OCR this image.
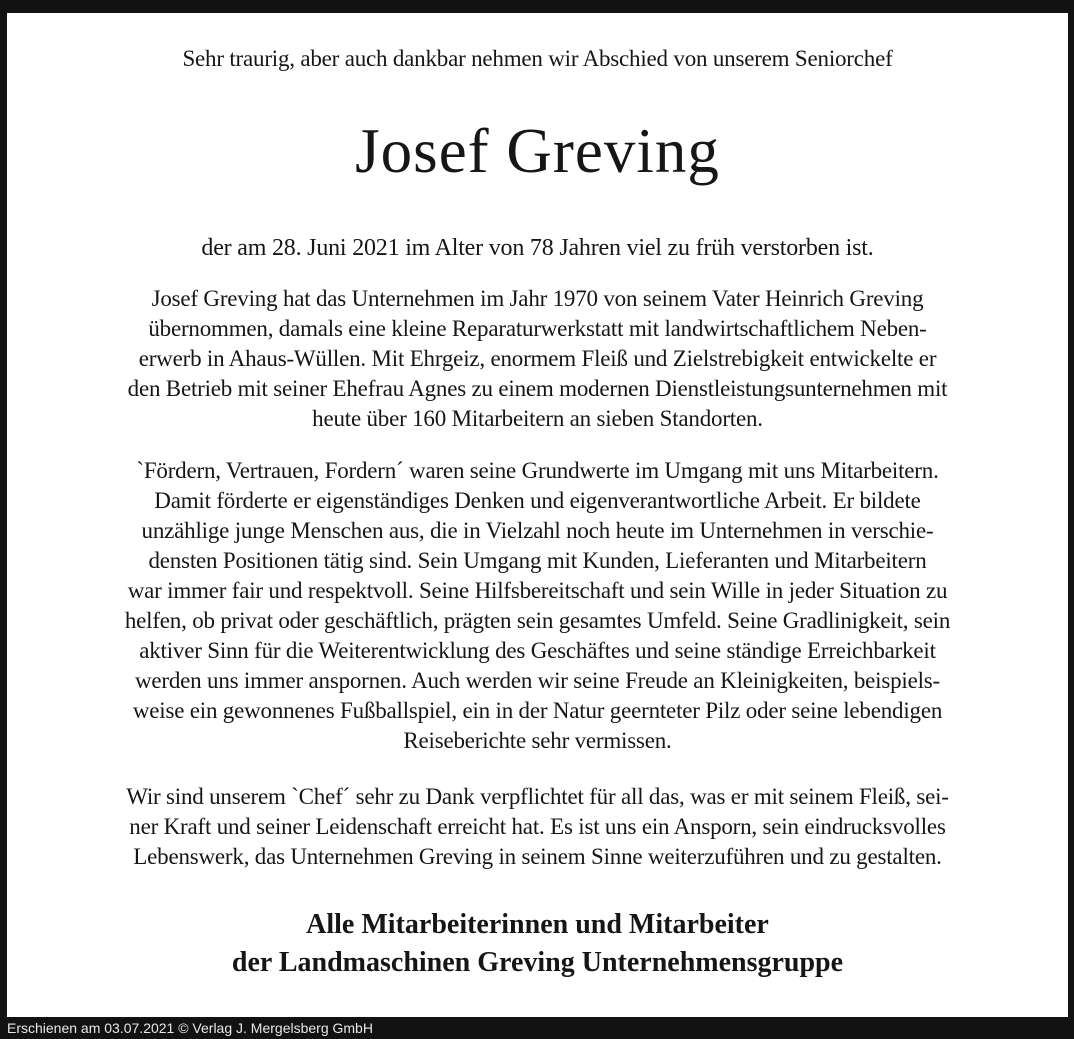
Sehr traurig, aber auch dankbar nehmen wir Abschied von unserem Seniorchef

Josef Greving

der am 28. Juni 2021 im Alter von 78 Jahren viel zu früh verstorben ist.

Josef Greving hat das Unternehmen im Jahr 1970 von seinem Vater Heinrich Greving
übernommen, damals eine kleine Reparaturwerkstatt mit landwirtschaftlichem Neben-
erwerb in Ahaus-Wüllen. Mit Ehrgeiz, enormem Fleiß und Zielstrebigkeit entwickelte er
den Betrieb mit seiner Ehefrau Agnes zu einem modernen Dienstleistungsunternehmen mit
heute über 160 Mitarbeitern an sieben Standorten.
`Fördern, Vertrauen, Fordern´ waren seine Grundwerte im Umgang mit uns Mitarbeitern.
Damit förderte er eigenständiges Denken und eigenverantwortliche Arbeit. Er bildete
unzählige junge Menschen aus, die in Vielzahl noch heute im Unternehmen in verschie-
densten Positionen tätig sind. Sein Umgang mit Kunden, Lieferanten und Mitarbeitern
war immer fair und respektvoll. Seine Hilfsbereitschaft und sein Wille in jeder Situation zu
helfen, ob privat oder geschäftlich, prägten sein gesamtes Umfeld. Seine Gradlinigkeit, sein
aktiver Sinn für die Weiterentwicklung des Geschäftes und seine ständige Erreichbarkeit
werden uns immer anspornen. Auch werden wir seine Freude an Kleinigkeiten, beispiels-
weise ein gewonnenes Fußballspiel, ein in der Natur geernteter Pilz oder seine lebendigen
Reiseberichte sehr vermissen.
Wir sind unserem `Chef´ sehr zu Dank verpflichtet für all das, was er mit seinem Fleiß, sei-
ner Kraft und seiner Leidenschaft erreicht hat. Es ist uns ein Ansporn, sein eindrucksvolles
Lebenswerk, das Unternehmen Greving in seinem Sinne weiterzuführen und zu gestalten.
Alle Mitarbeiterinnen und Mitarbeiter
der Landmaschinen Greving Unternehmensgruppe
Erschienen am 03.07.2021 © Verlag J. Mergelsberg GmbH
